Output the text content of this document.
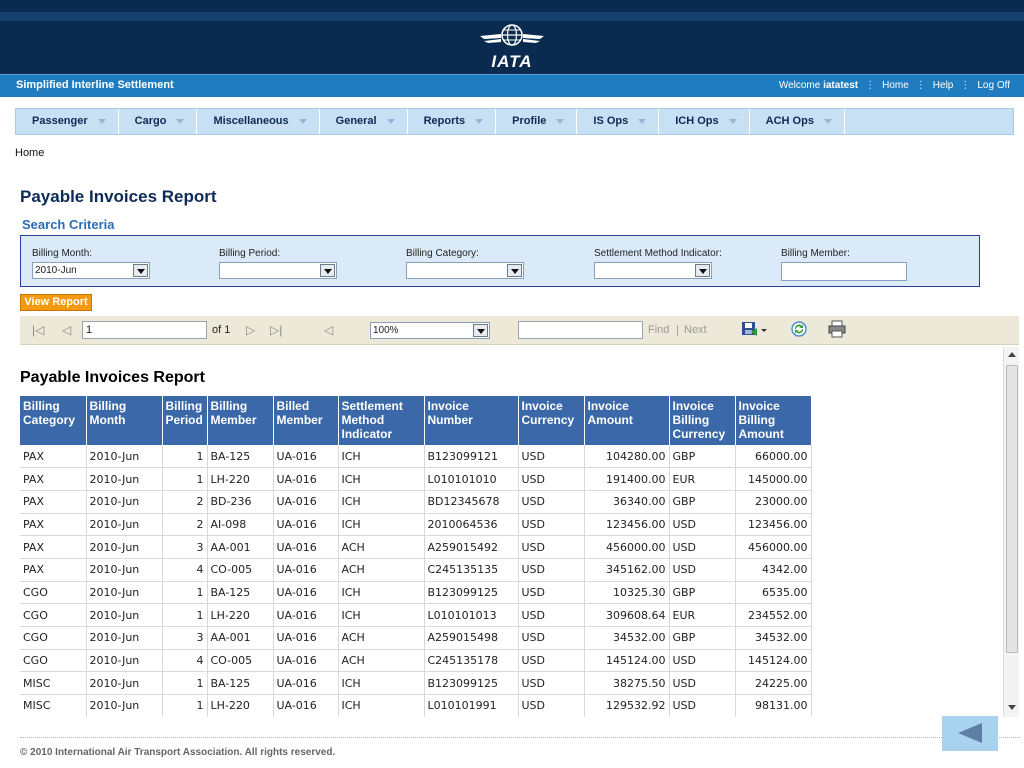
IATA
Simplified Interline Settlement	Welcome iatatest ⋮ Home ⋮ Help ⋮ Log Off
Passenger	Cargo	Miscellaneous	General	Reports	Profile	IS Ops	ICH Ops	ACH Ops
Home
Payable Invoices Report
Search Criteria
Billing Month:
2010-Jun
Billing Period:	Billing Category:	Settlement Method Indicator:	Billing Member:
View Report
|◁ ◁	1	of 1 ▷ ▷|	◁	100%	Find | Next
Payable Invoices Report
Billing Category	Billing Month	Billing Period	Billing Member	Billed Member	Settlement Method Indicator	Invoice Number	Invoice Currency	Invoice Amount	Invoice Billing Currency	Invoice Billing Amount
PAX	2010-Jun	1	BA-125	UA-016	ICH	B123099121	USD	104280.00	GBP	66000.00
PAX	2010-Jun	1	LH-220	UA-016	ICH	L010101010	USD	191400.00	EUR	145000.00
PAX	2010-Jun	2	BD-236	UA-016	ICH	BD12345678	USD	36340.00	GBP	23000.00
PAX	2010-Jun	2	AI-098	UA-016	ICH	2010064536	USD	123456.00	USD	123456.00
PAX	2010-Jun	3	AA-001	UA-016	ACH	A259015492	USD	456000.00	USD	456000.00
PAX	2010-Jun	4	CO-005	UA-016	ACH	C245135135	USD	345162.00	USD	4342.00
CGO	2010-Jun	1	BA-125	UA-016	ICH	B123099125	USD	10325.30	GBP	6535.00
CGO	2010-Jun	1	LH-220	UA-016	ICH	L010101013	USD	309608.64	EUR	234552.00
CGO	2010-Jun	3	AA-001	UA-016	ACH	A259015498	USD	34532.00	GBP	34532.00
CGO	2010-Jun	4	CO-005	UA-016	ACH	C245135178	USD	145124.00	USD	145124.00
MISC	2010-Jun	1	BA-125	UA-016	ICH	B123099125	USD	38275.50	USD	24225.00
MISC	2010-Jun	1	LH-220	UA-016	ICH	L010101991	USD	129532.92	USD	98131.00
© 2010 International Air Transport Association. All rights reserved.
